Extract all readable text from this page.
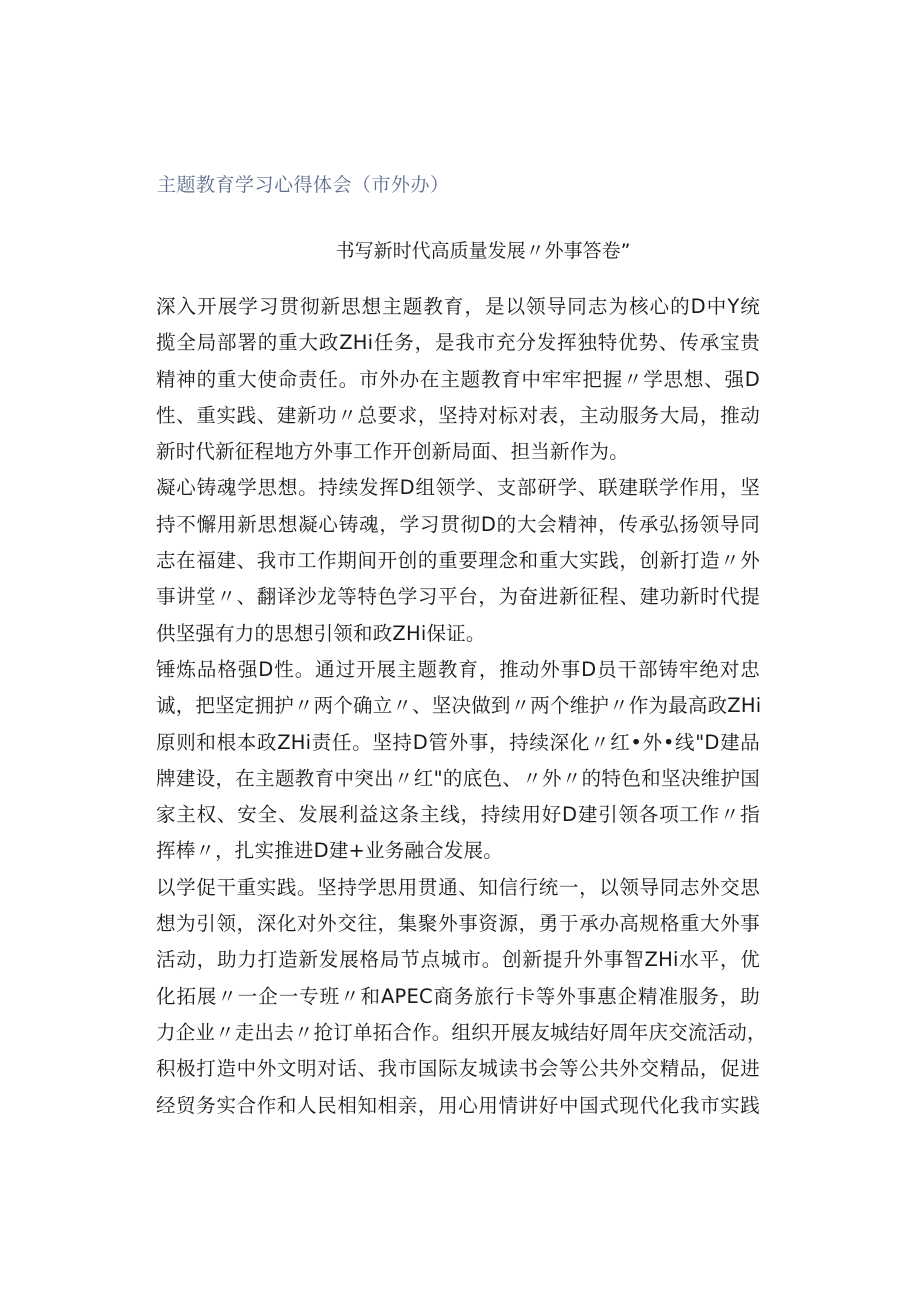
主题教育学习心得体会（市外办）
书写新时代高质量发展〃外事答卷”
深入开展学习贯彻新思想主题教育，是以领导同志为核心的D中Y统
揽全局部署的重大政ZHi任务，是我市充分发挥独特优势、传承宝贵
精神的重大使命责任。市外办在主题教育中牢牢把握〃学思想、强D
性、重实践、建新功〃总要求，坚持对标对表，主动服务大局，推动
新时代新征程地方外事工作开创新局面、担当新作为。
凝心铸魂学思想。持续发挥D组领学、支部研学、联建联学作用，坚
持不懈用新思想凝心铸魂，学习贯彻D的大会精神，传承弘扬领导同
志在福建、我市工作期间开创的重要理念和重大实践，创新打造〃外
事讲堂〃、翻译沙龙等特色学习平台，为奋进新征程、建功新时代提
供坚强有力的思想引领和政ZHi保证。
锤炼品格强D性。通过开展主题教育，推动外事D员干部铸牢绝对忠
诚，把坚定拥护〃两个确立〃、坚决做到〃两个维护〃作为最高政ZHi
原则和根本政ZHi责任。坚持D管外事，持续深化〃红•外•线"D建品
牌建设，在主题教育中突出〃红"的底色、〃外〃的特色和坚决维护国
家主权、安全、发展利益这条主线，持续用好D建引领各项工作〃指
挥棒〃，扎实推进D建+业务融合发展。
以学促干重实践。坚持学思用贯通、知信行统一，以领导同志外交思
想为引领，深化对外交往，集聚外事资源，勇于承办高规格重大外事
活动，助力打造新发展格局节点城市。创新提升外事智ZHi水平，优
化拓展〃一企一专班〃和APEC商务旅行卡等外事惠企精准服务，助
力企业〃走出去〃抢订单拓合作。组织开展友城结好周年庆交流活动，
积极打造中外文明对话、我市国际友城读书会等公共外交精品，促进
经贸务实合作和人民相知相亲，用心用情讲好中国式现代化我市实践
